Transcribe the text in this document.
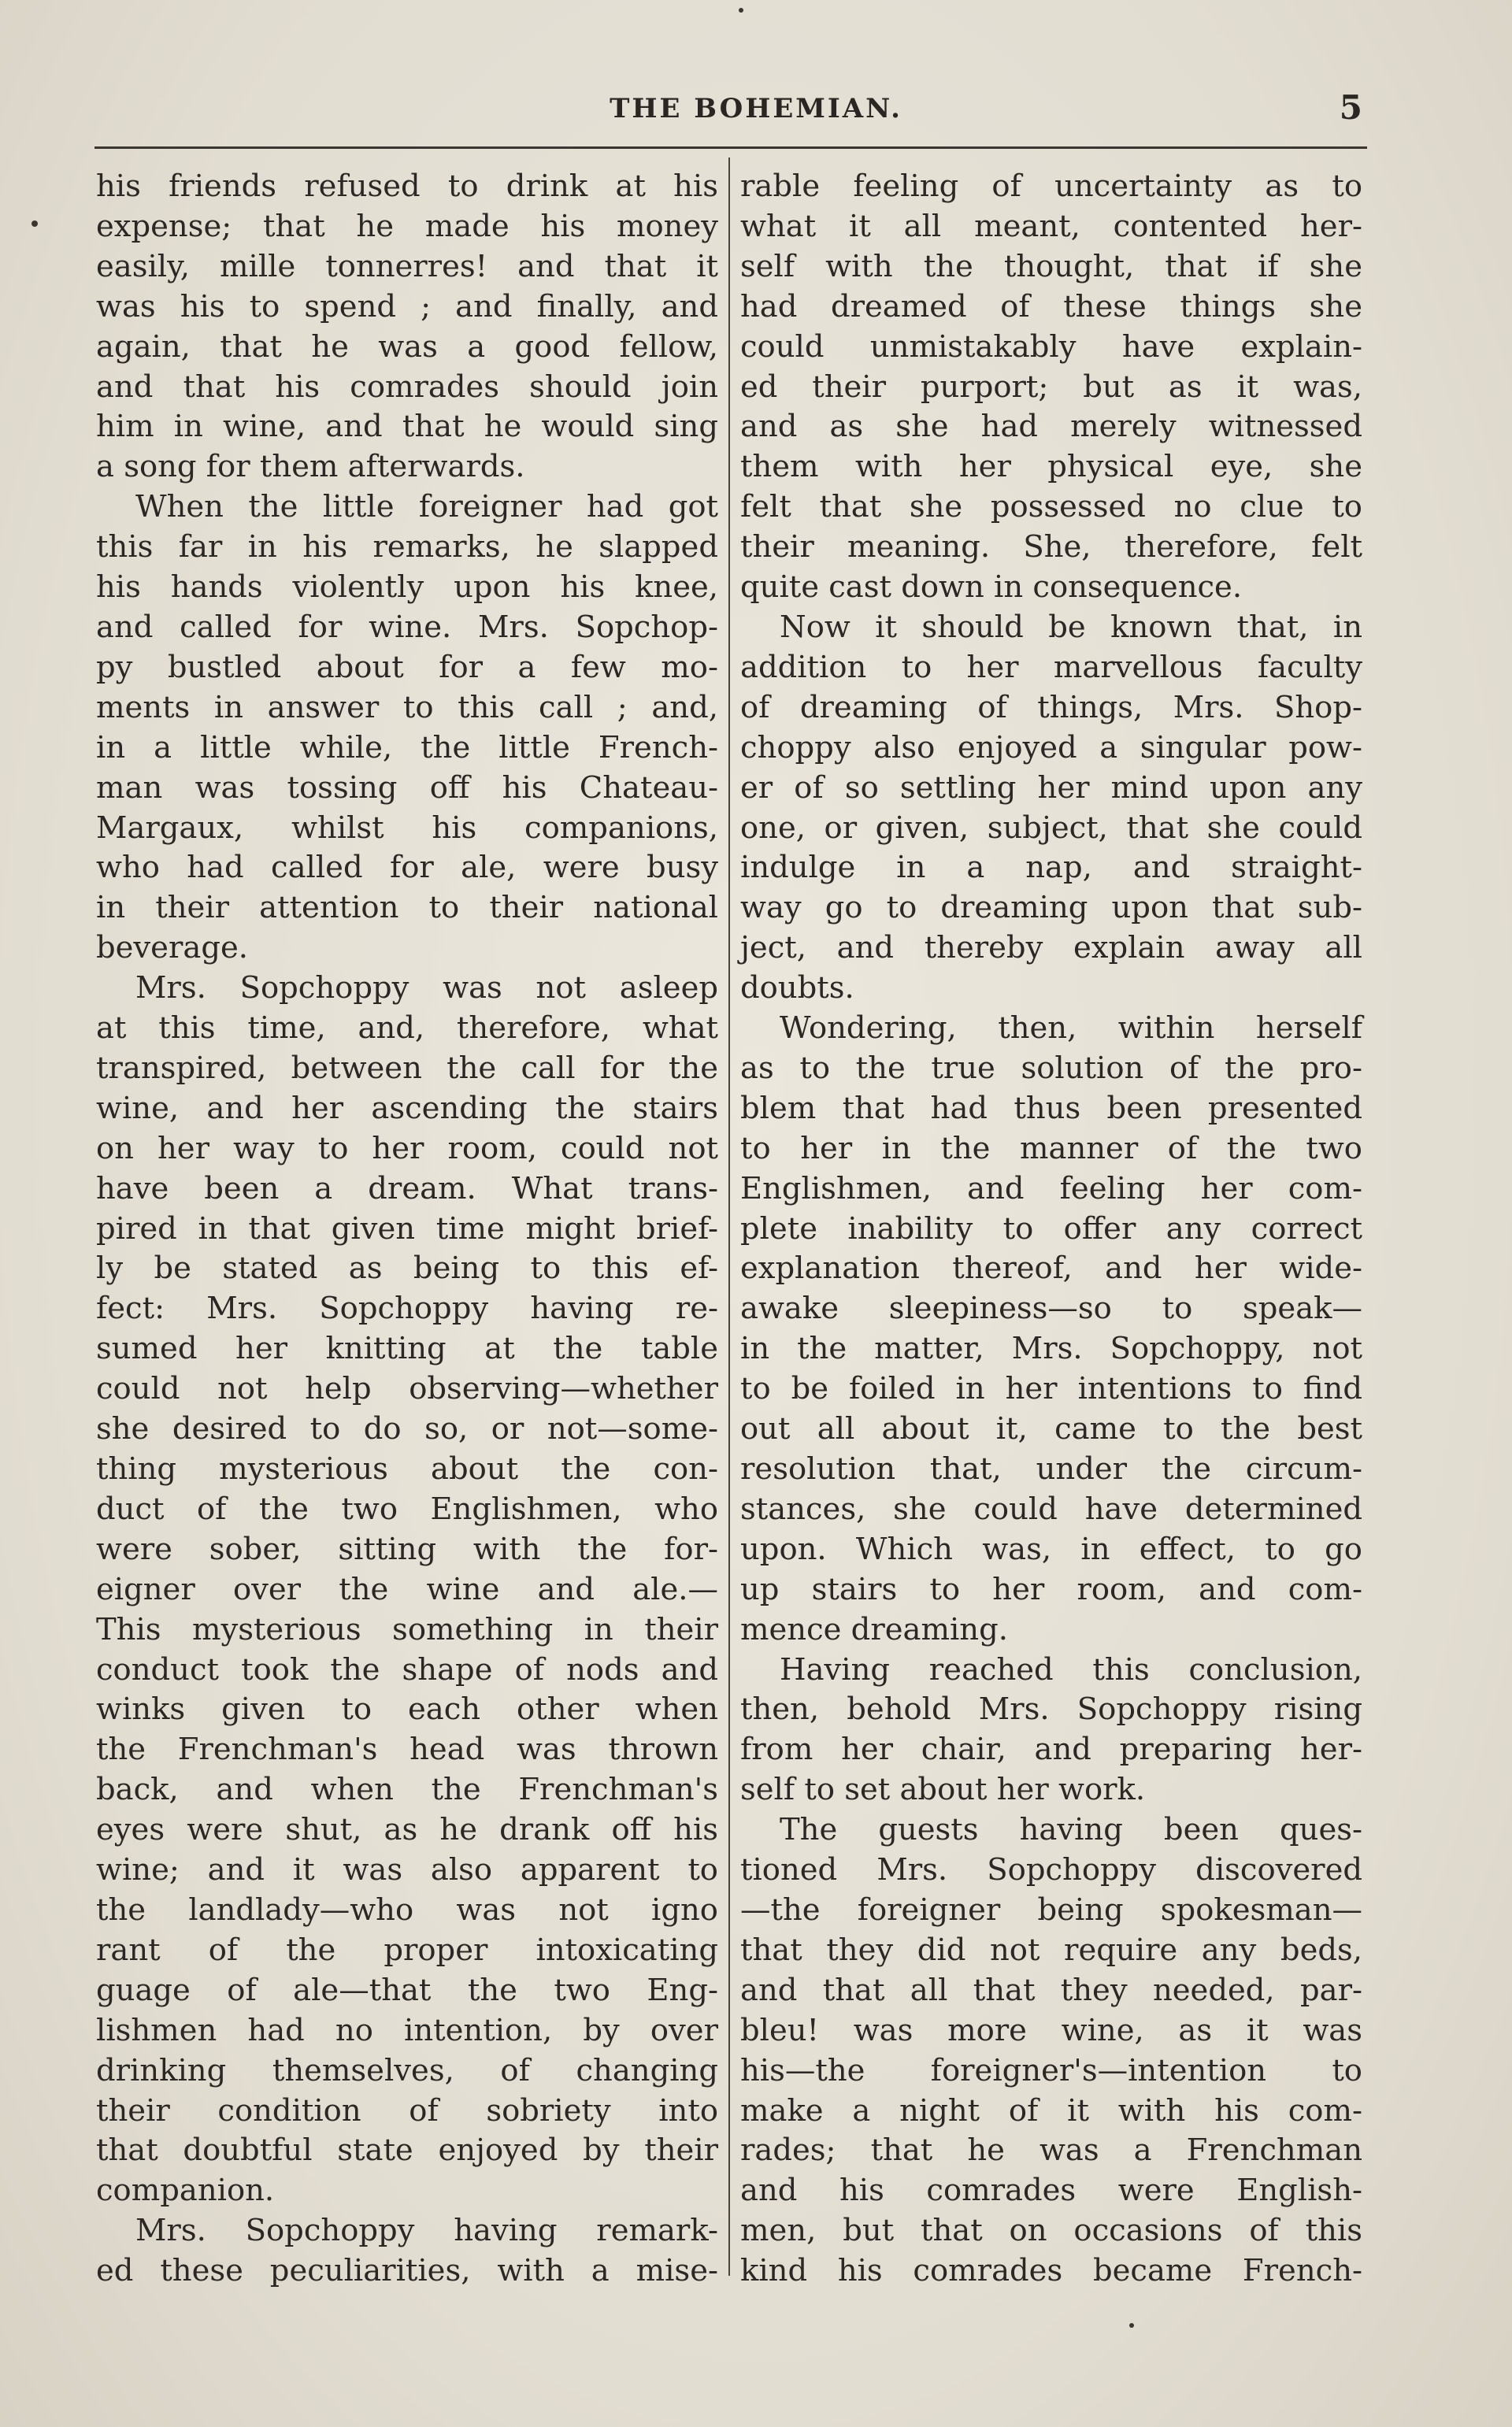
THE BOHEMIAN.	5
his friends refused to drink at his
expense; that he made his money
easily, mille tonnerres! and that it
was his to spend ; and finally, and
again, that he was a good fellow,
and that his comrades should join
him in wine, and that he would sing
a song for them afterwards.
When the little foreigner had got
this far in his remarks, he slapped
his hands violently upon his knee,
and called for wine. Mrs. Sopchop-
py bustled about for a few mo-
ments in answer to this call ; and,
in a little while, the little French-
man was tossing off his Chateau-
Margaux, whilst his companions,
who had called for ale, were busy
in their attention to their national
beverage.
Mrs. Sopchoppy was not asleep
at this time, and, therefore, what
transpired, between the call for the
wine, and her ascending the stairs
on her way to her room, could not
have been a dream. What trans-
pired in that given time might brief-
ly be stated as being to this ef-
fect: Mrs. Sopchoppy having re-
sumed her knitting at the table
could not help observing—whether
she desired to do so, or not—some-
thing mysterious about the con-
duct of the two Englishmen, who
were sober, sitting with the for-
eigner over the wine and ale.—
This mysterious something in their
conduct took the shape of nods and
winks given to each other when
the Frenchman's head was thrown
back, and when the Frenchman's
eyes were shut, as he drank off his
wine; and it was also apparent to
the landlady—who was not igno
rant of the proper intoxicating
guage of ale—that the two Eng-
lishmen had no intention, by over
drinking themselves, of changing
their condition of sobriety into
that doubtful state enjoyed by their
companion.
Mrs. Sopchoppy having remark-
ed these peculiarities, with a mise-
rable feeling of uncertainty as to
what it all meant, contented her-
self with the thought, that if she
had dreamed of these things she
could unmistakably have explain-
ed their purport; but as it was,
and as she had merely witnessed
them with her physical eye, she
felt that she possessed no clue to
their meaning. She, therefore, felt
quite cast down in consequence.
Now it should be known that, in
addition to her marvellous faculty
of dreaming of things, Mrs. Shop-
choppy also enjoyed a singular pow-
er of so settling her mind upon any
one, or given, subject, that she could
indulge in a nap, and straight-
way go to dreaming upon that sub-
ject, and thereby explain away all
doubts.
Wondering, then, within herself
as to the true solution of the pro-
blem that had thus been presented
to her in the manner of the two
Englishmen, and feeling her com-
plete inability to offer any correct
explanation thereof, and her wide-
awake sleepiness—so to speak—
in the matter, Mrs. Sopchoppy, not
to be foiled in her intentions to find
out all about it, came to the best
resolution that, under the circum-
stances, she could have determined
upon. Which was, in effect, to go
up stairs to her room, and com-
mence dreaming.
Having reached this conclusion,
then, behold Mrs. Sopchoppy rising
from her chair, and preparing her-
self to set about her work.
The guests having been ques-
tioned Mrs. Sopchoppy discovered
—the foreigner being spokesman—
that they did not require any beds,
and that all that they needed, par-
bleu! was more wine, as it was
his—the foreigner's—intention to
make a night of it with his com-
rades; that he was a Frenchman
and his comrades were English-
men, but that on occasions of this
kind his comrades became French-
